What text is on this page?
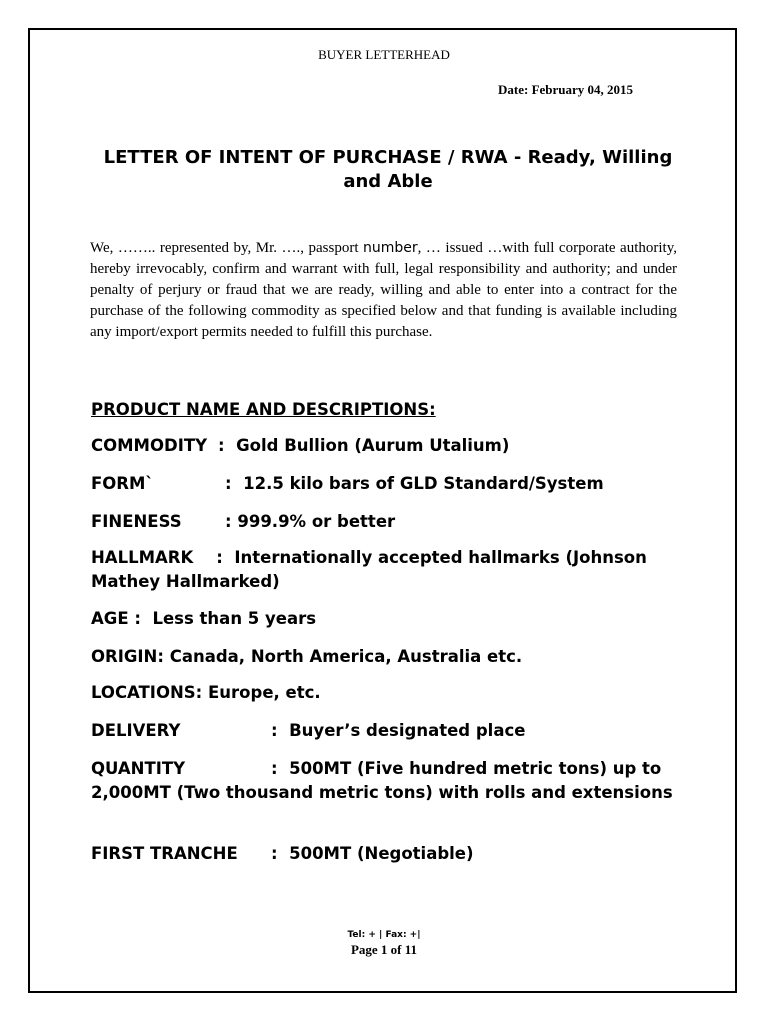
BUYER LETTERHEAD
Date: February 04, 2015
LETTER OF INTENT OF PURCHASE / RWA - Ready, Willing and Able
We, …….. represented by, Mr. …., passport number, … issued …with full corporate authority, hereby irrevocably, confirm and warrant with full, legal responsibility and authority; and under penalty of perjury or fraud that we are ready, willing and able to enter into a contract for the purchase of the following commodity as specified below and that funding is available including any import/export permits needed to fulfill this purchase.
PRODUCT NAME AND DESCRIPTIONS:
COMMODITY : Gold Bullion (Aurum Utalium)
FORM`	: 12.5 kilo bars of GLD Standard/System
FINENESS	: 999.9% or better
HALLMARK : Internationally accepted hallmarks (Johnson Mathey Hallmarked)
AGE : Less than 5 years
ORIGIN: Canada, North America, Australia etc.
LOCATIONS: Europe, etc.
DELIVERY	: Buyer’s designated place
QUANTITY	: 500MT (Five hundred metric tons) up to 2,000MT (Two thousand metric tons) with rolls and extensions
FIRST TRANCHE : 500MT (Negotiable)
Tel: + | Fax: +|
Page 1 of 11
